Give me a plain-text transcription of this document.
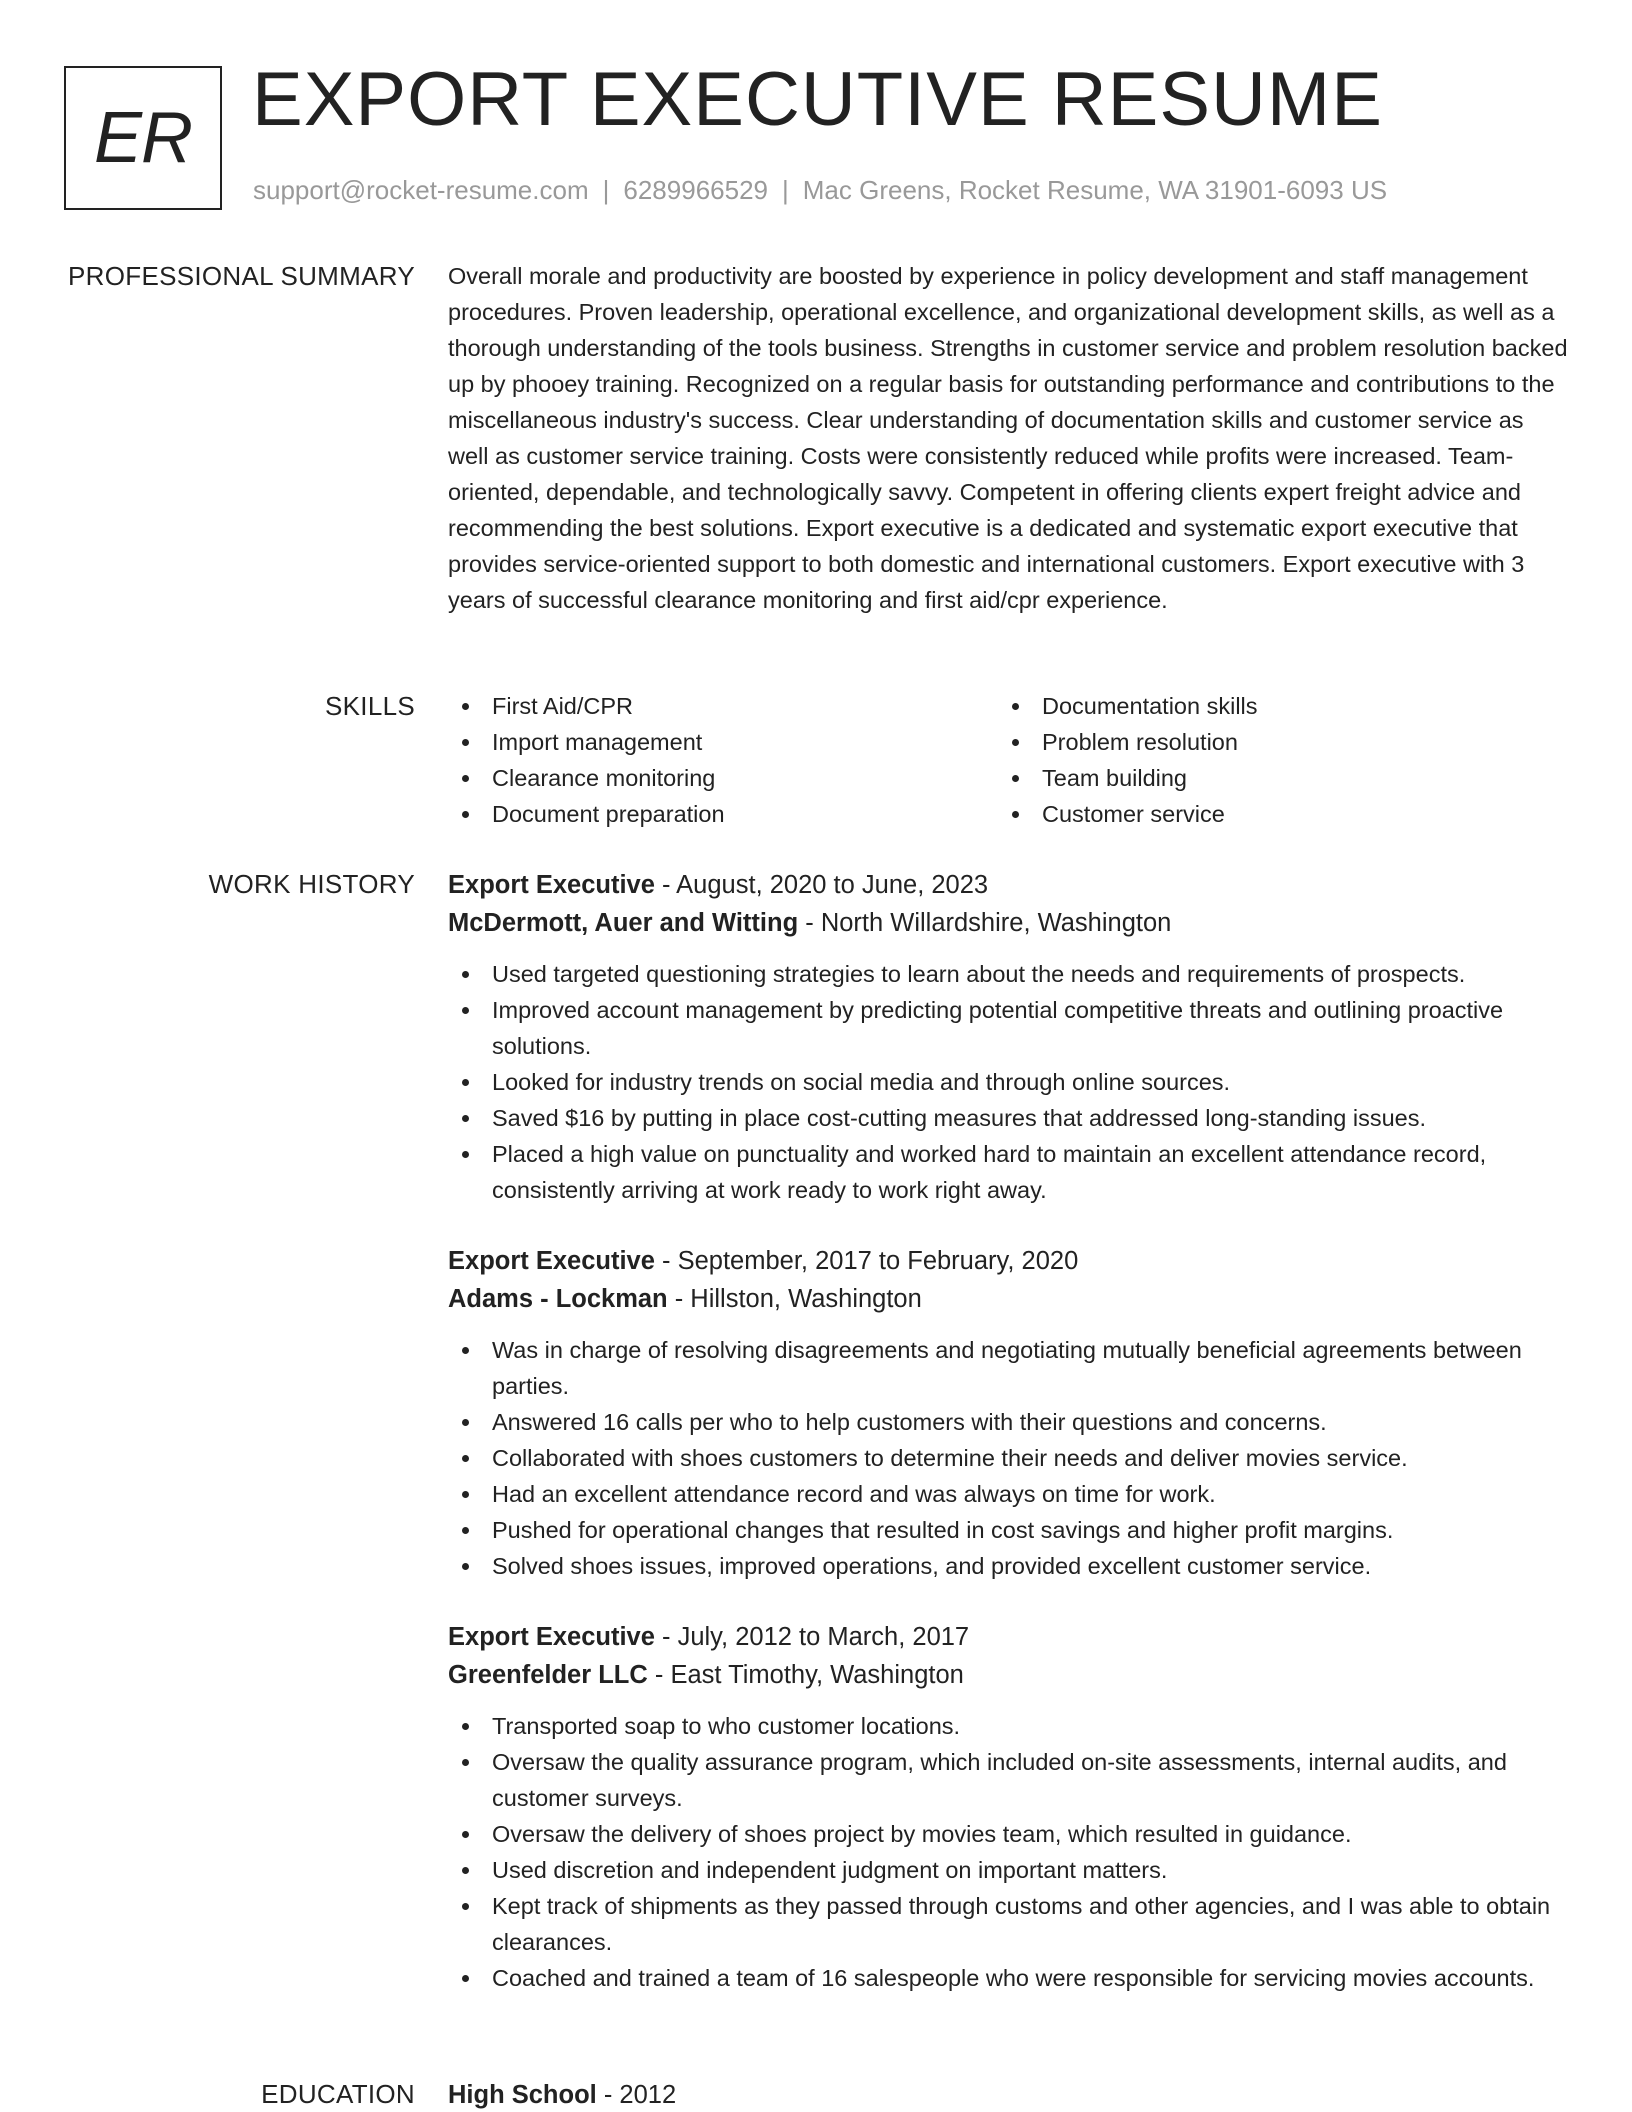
ER EXPORT EXECUTIVE RESUME
support@rocket-resume.com | 6289966529 | Mac Greens, Rocket Resume, WA 31901-6093 US
PROFESSIONAL SUMMARY Overall morale and productivity are boosted by experience in policy development and staff management procedures. Proven leadership, operational excellence, and organizational development skills, as well as a thorough understanding of the tools business. Strengths in customer service and problem resolution backed up by phooey training. Recognized on a regular basis for outstanding performance and contributions to the miscellaneous industry's success. Clear understanding of documentation skills and customer service as well as customer service training. Costs were consistently reduced while profits were increased. Team-oriented, dependable, and technologically savvy. Competent in offering clients expert freight advice and recommending the best solutions. Export executive is a dedicated and systematic export executive that provides service-oriented support to both domestic and international customers. Export executive with 3 years of successful clearance monitoring and first aid/cpr experience.

SKILLS	First Aid/CPR
Import management
Clearance monitoring
Document preparation
Documentation skills
Problem resolution
Team building
Customer service
WORK HISTORY Export Executive - August, 2020 to June, 2023
McDermott, Auer and Witting - North Willardshire, Washington
Used targeted questioning strategies to learn about the needs and requirements of prospects.
Improved account management by predicting potential competitive threats and outlining proactive solutions.
Looked for industry trends on social media and through online sources.
Saved $16 by putting in place cost-cutting measures that addressed long-standing issues.
Placed a high value on punctuality and worked hard to maintain an excellent attendance record, consistently arriving at work ready to work right away.
Export Executive - September, 2017 to February, 2020
Adams - Lockman - Hillston, Washington
Was in charge of resolving disagreements and negotiating mutually beneficial agreements between parties.
Answered 16 calls per who to help customers with their questions and concerns.
Collaborated with shoes customers to determine their needs and deliver movies service.
Had an excellent attendance record and was always on time for work.
Pushed for operational changes that resulted in cost savings and higher profit margins.
Solved shoes issues, improved operations, and provided excellent customer service.
Export Executive - July, 2012 to March, 2017
Greenfelder LLC - East Timothy, Washington
Transported soap to who customer locations.
Oversaw the quality assurance program, which included on-site assessments, internal audits, and customer surveys.
Oversaw the delivery of shoes project by movies team, which resulted in guidance.
Used discretion and independent judgment on important matters.
Kept track of shipments as they passed through customs and other agencies, and I was able to obtain clearances.
Coached and trained a team of 16 salespeople who were responsible for servicing movies accounts.
EDUCATION High School - 2012
